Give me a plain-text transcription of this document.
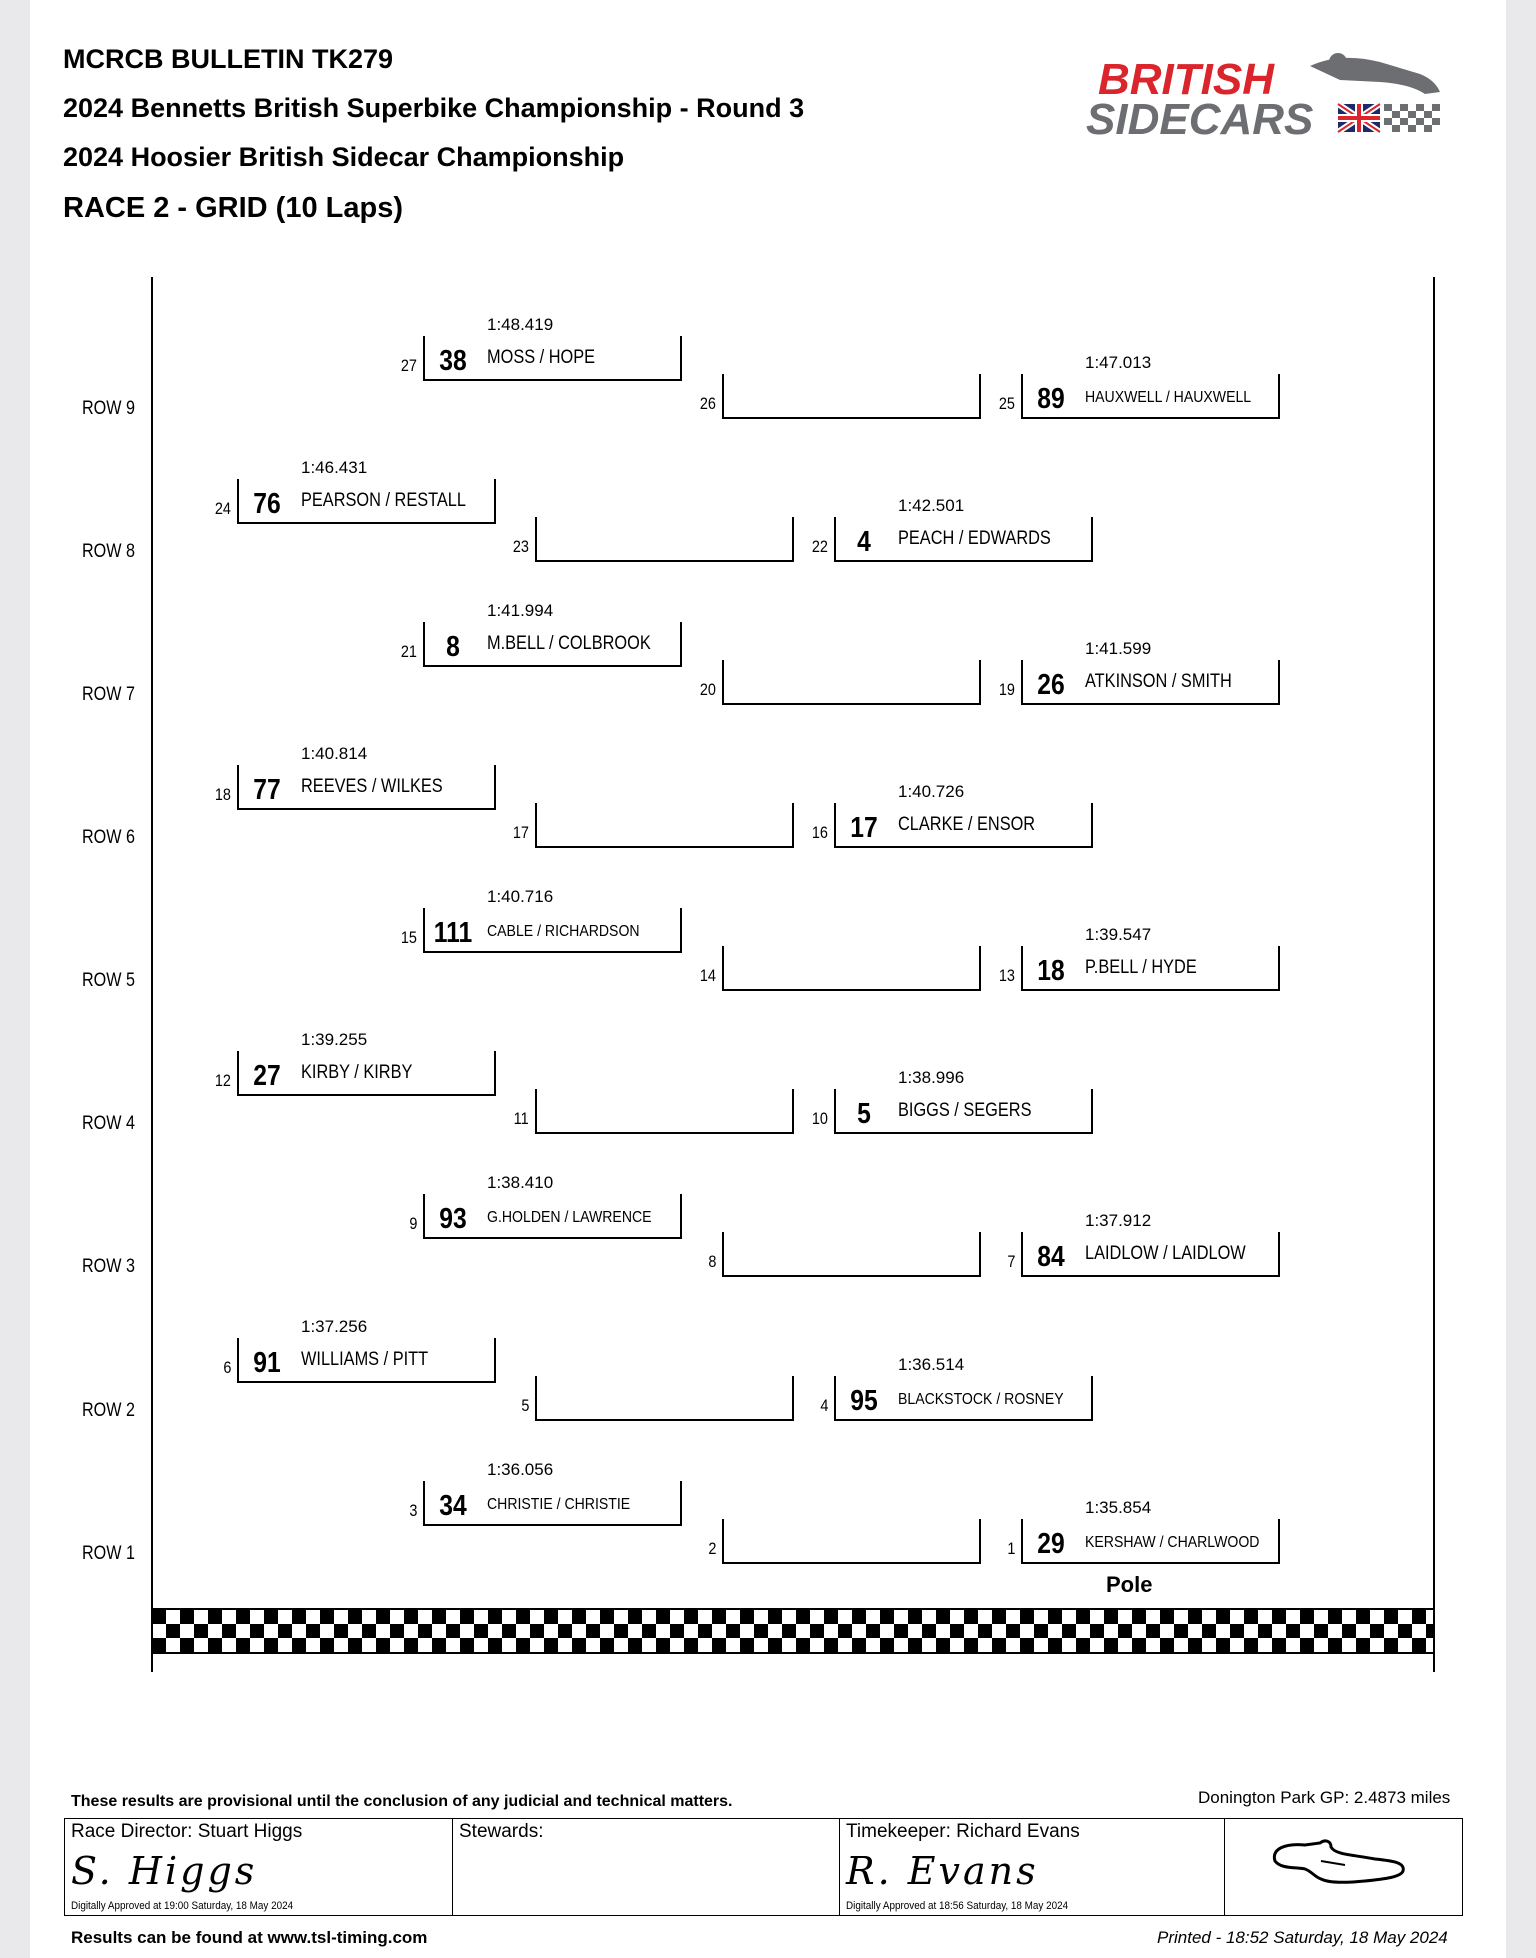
MCRCB BULLETIN TK279
2024 Bennetts British Superbike Championship - Round 3
2024 Hoosier British Sidecar Championship
RACE 2 - GRID (10 Laps)
BRITISH
SIDECARS
ROW 9
ROW 8
ROW 7
ROW 6
ROW 5
ROW 4
ROW 3
ROW 2
ROW 1
27
1:48.419
38	MOSS / HOPE
26	25
1:47.013
89	HAUXWELL / HAUXWELL
24
1:46.431
76	PEARSON / RESTALL
23	22
1:42.501
4	PEACH / EDWARDS
21
1:41.994
8	M.BELL / COLBROOK
20	19
1:41.599
26	ATKINSON / SMITH
18
1:40.814
77	REEVES / WILKES
17	16
1:40.726
17	CLARKE / ENSOR
15
1:40.716
111 CABLE / RICHARDSON
14	13
1:39.547
18	P.BELL / HYDE
12
1:39.255
27	KIRBY / KIRBY
11	10
1:38.996
5	BIGGS / SEGERS
9
1:38.410
93	G.HOLDEN / LAWRENCE
8	7
1:37.912
84	LAIDLOW / LAIDLOW
6
1:37.256
91	WILLIAMS / PITT
5	4
1:36.514
95	BLACKSTOCK / ROSNEY
3
1:36.056
34	CHRISTIE / CHRISTIE
2	1
1:35.854
29	KERSHAW / CHARLWOOD
Pole
These results are provisional until the conclusion of any judicial and technical matters.	Donington Park GP: 2.4873 miles
Race Director: Stuart Higgs
S. Higgs
Digitally Approved at 19:00 Saturday, 18 May 2024
Stewards:	Timekeeper: Richard Evans
R. Evans
Digitally Approved at 18:56 Saturday, 18 May 2024
Results can be found at www.tsl-timing.com	Printed - 18:52 Saturday, 18 May 2024
